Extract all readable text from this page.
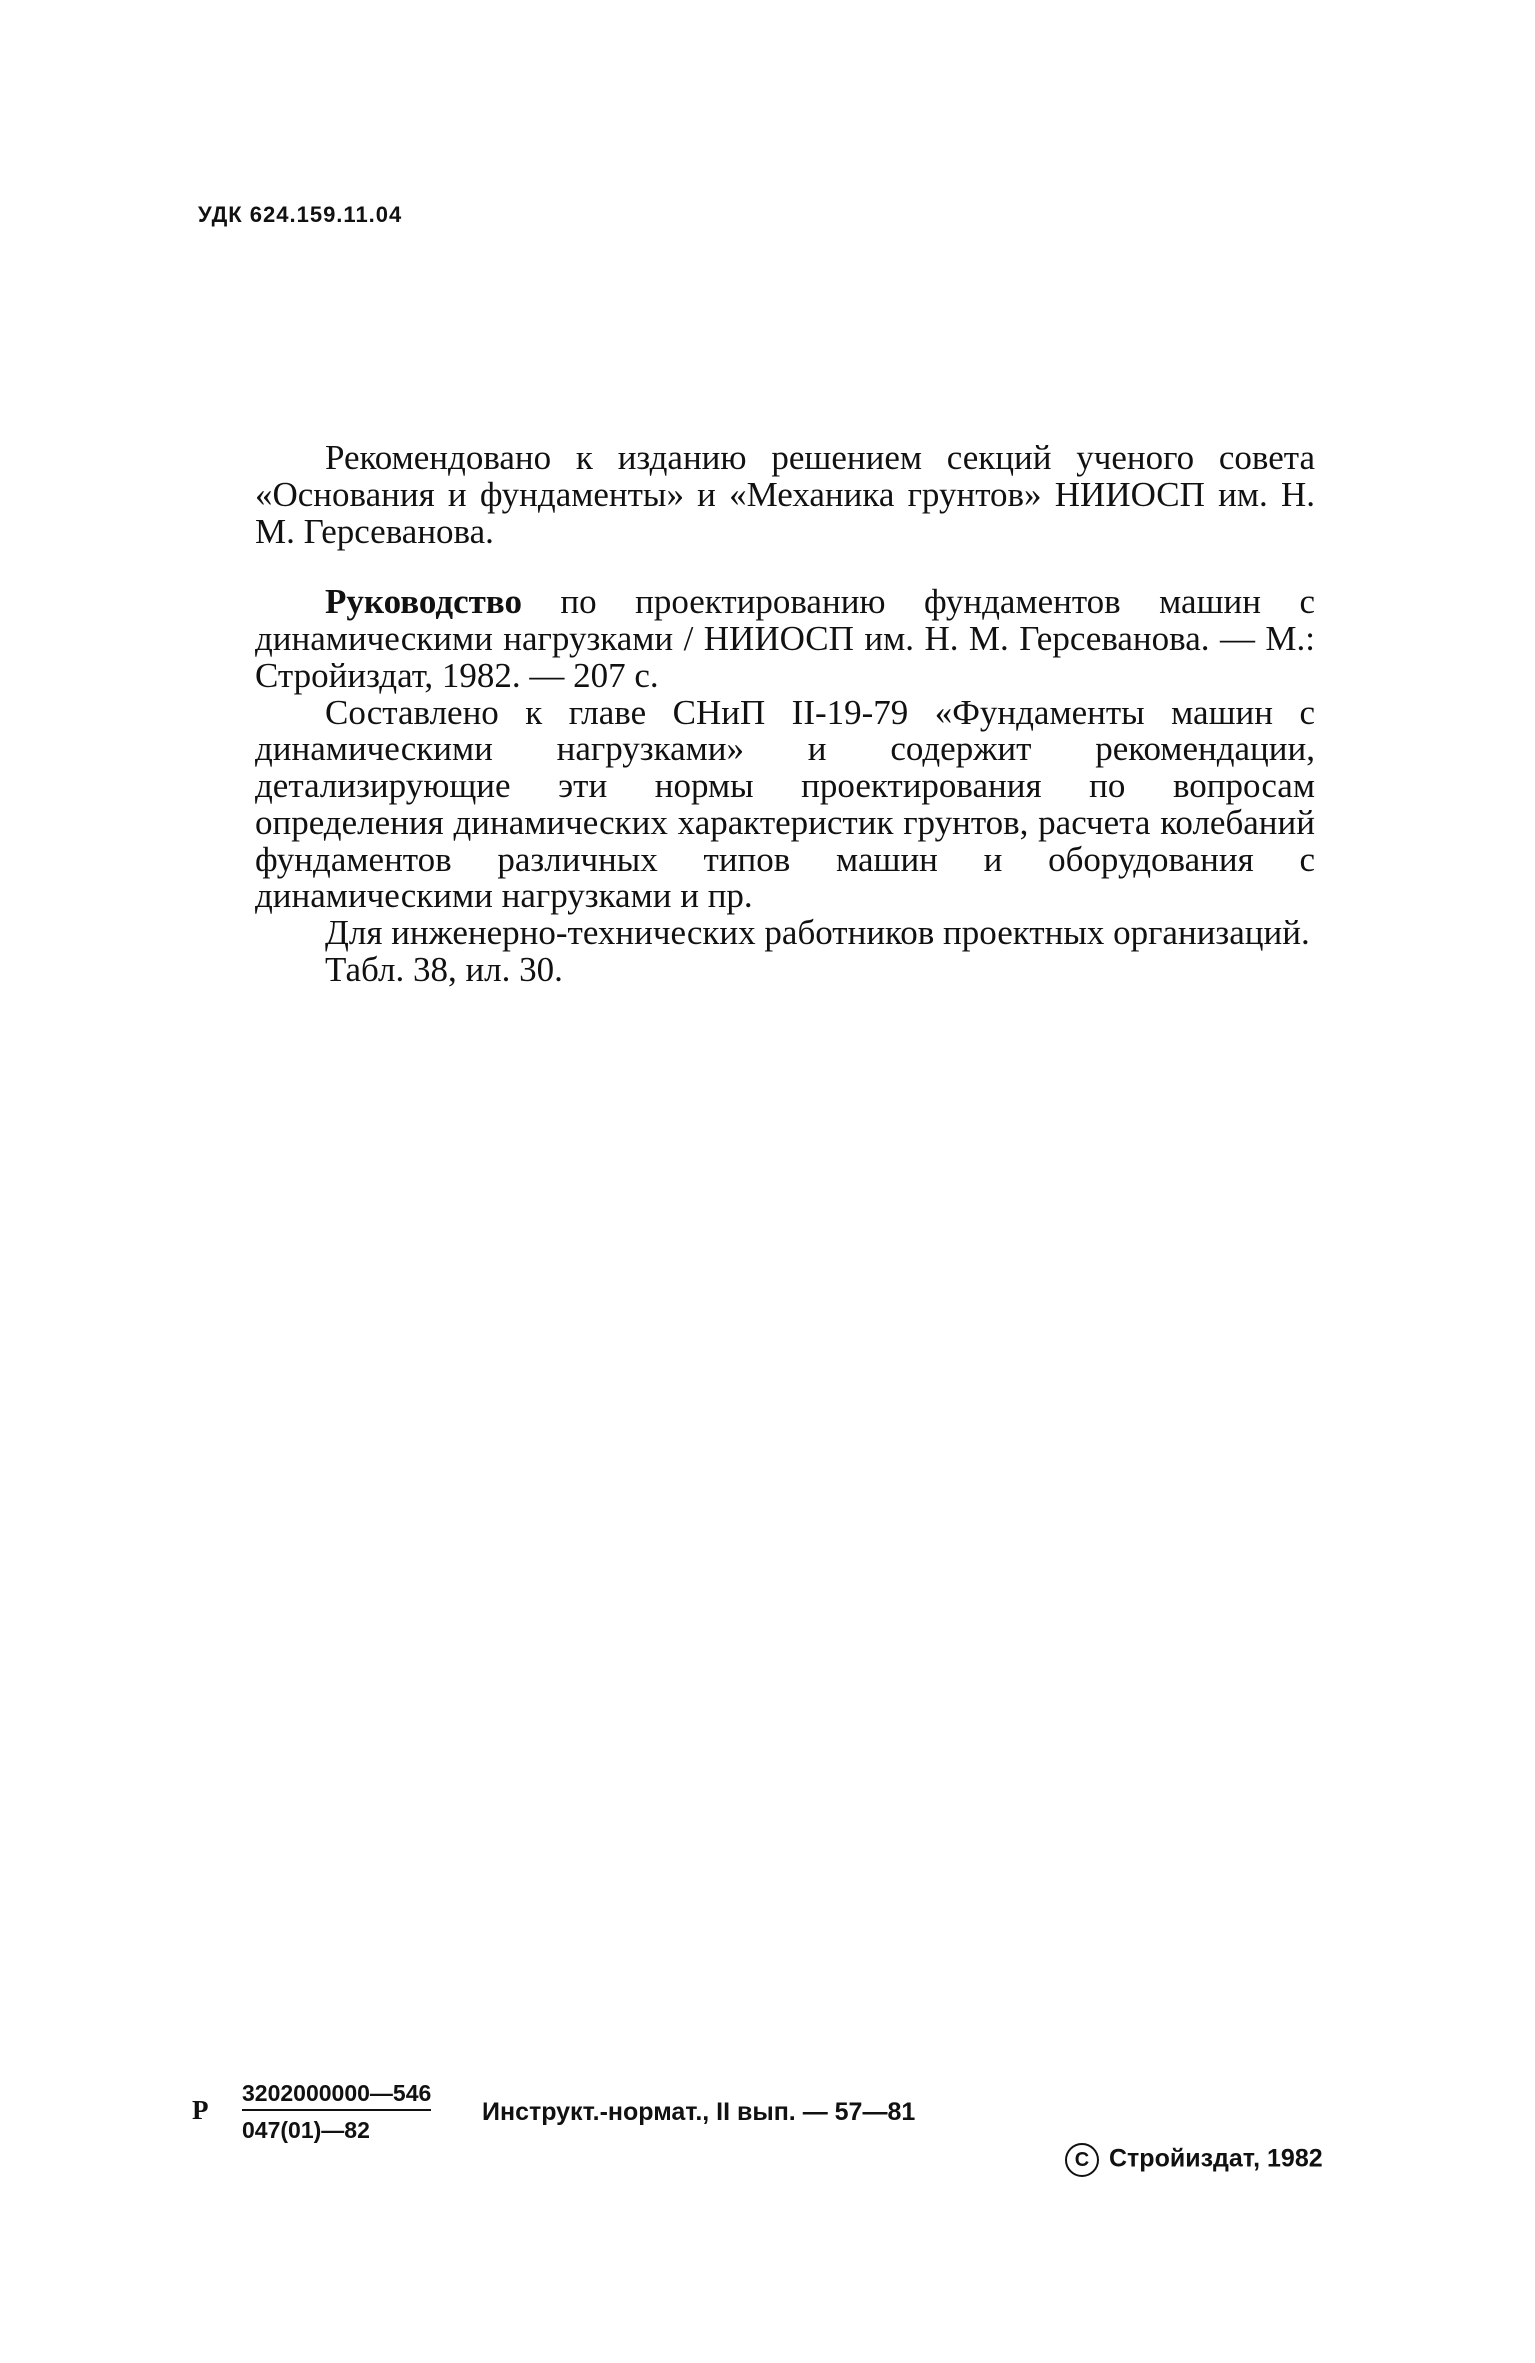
УДК 624.159.11.04

Рекомендовано к изданию решением секций ученого совета «Основания и фундаменты» и «Механика грунтов» НИИОСП им. Н. М. Герсеванова.

Руководство по проектированию фундаментов машин с динамическими нагрузками / НИИОСП им. Н. М. Герсеванова. — М.: Стройиздат, 1982. — 207 с.

Составлено к главе СНиП II-19-79 «Фундаменты машин с динамическими нагрузками» и содержит рекомендации, детализирующие эти нормы проектирования по вопросам определения динамических характеристик грунтов, расчета колебаний фундаментов различных типов машин и оборудования с динамическими нагрузками и пр.

Для инженерно-технических работников проектных организаций.

Табл. 38, ил. 30.

Р $\frac{3202000000—546}{047(01)—82}$ Инструкт.-нормат., II вып. — 57—81
C Стройиздат, 1982
